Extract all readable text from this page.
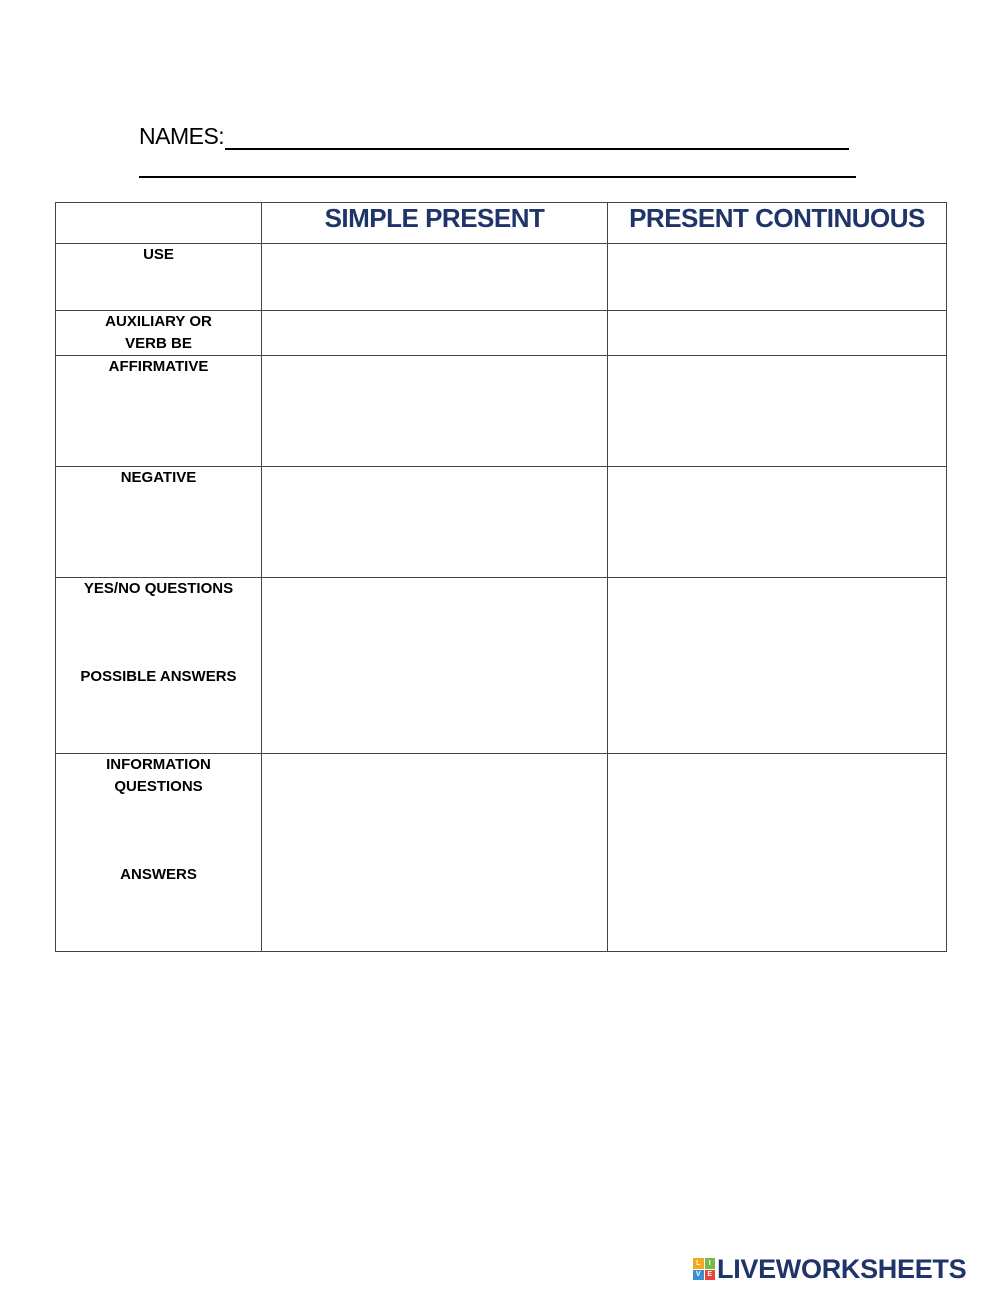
NAMES:
	SIMPLE PRESENT	PRESENT CONTINUOUS

USE		

AUXILIARY OR
VERB BE		

AFFIRMATIVE		

NEGATIVE		

YES/NO QUESTIONS
POSSIBLE ANSWERS		

INFORMATION
QUESTIONS
ANSWERS		

L	I
V E LIVEWORKSHEETS
